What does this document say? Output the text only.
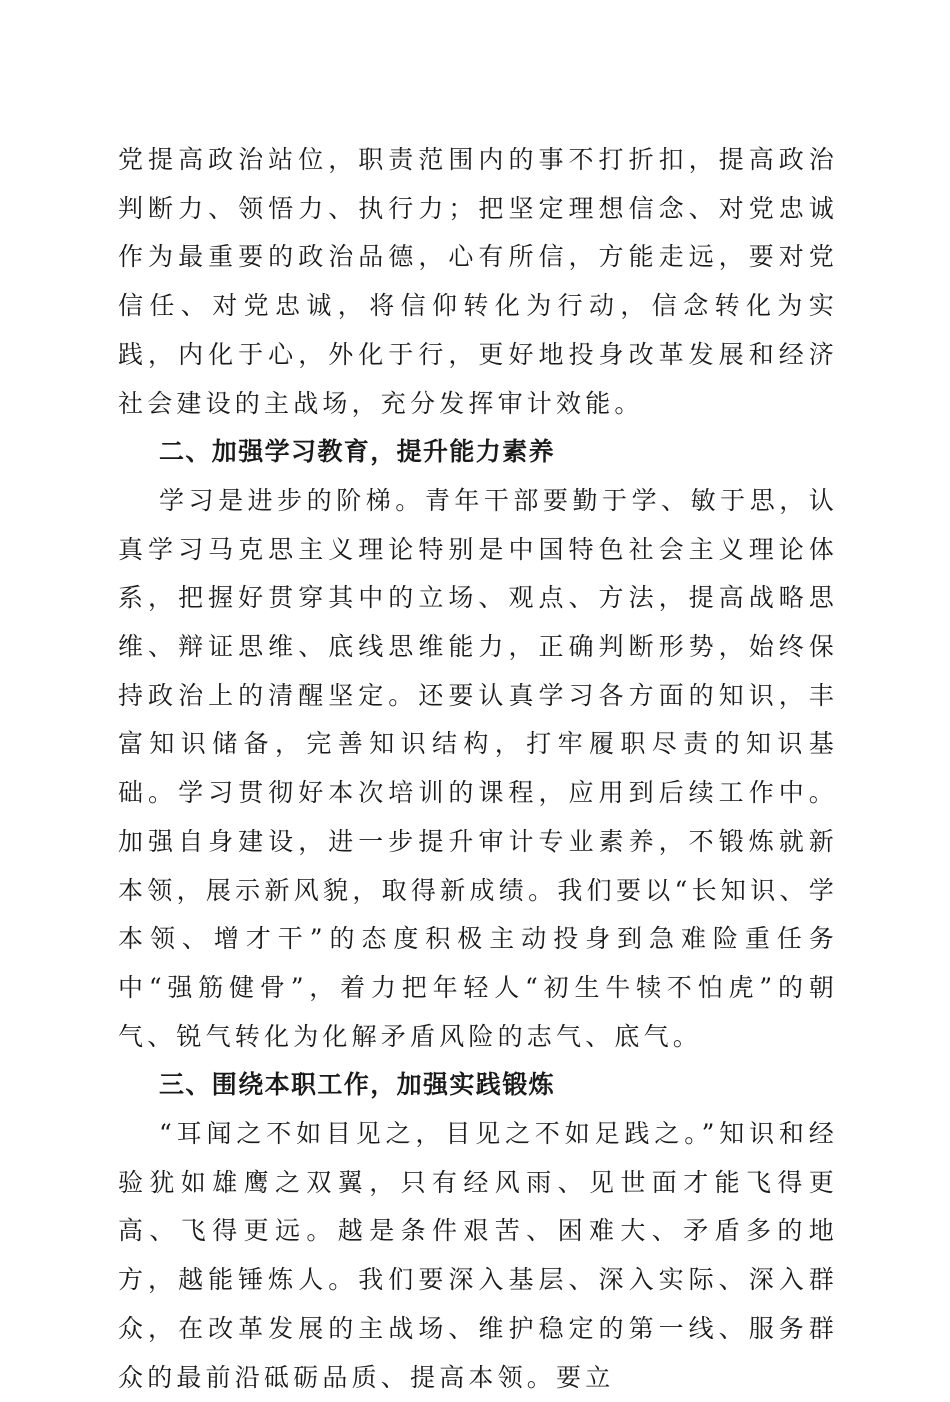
党提高政治站位，职责范围内的事不打折扣，提高政治判断力、领悟力、执行力；把坚定理想信念、对党忠诚作为最重要的政治品德，心有所信，方能走远，要对党信任、对党忠诚，将信仰转化为行动，信念转化为实践，内化于心，外化于行，更好地投身改革发展和经济社会建设的主战场，充分发挥审计效能。

二、加强学习教育，提升能力素养

学习是进步的阶梯。青年干部要勤于学、敏于思，认真学习马克思主义理论特别是中国特色社会主义理论体系，把握好贯穿其中的立场、观点、方法，提高战略思维、辩证思维、底线思维能力，正确判断形势，始终保持政治上的清醒坚定。还要认真学习各方面的知识，丰富知识储备，完善知识结构，打牢履职尽责的知识基础。学习贯彻好本次培训的课程，应用到后续工作中。加强自身建设，进一步提升审计专业素养，不锻炼就新本领，展示新风貌，取得新成绩。我们要以“长知识、学本领、增才干”的态度积极主动投身到急难险重任务中“强筋健骨”，着力把年轻人“初生牛犊不怕虎”的朝气、锐气转化为化解矛盾风险的志气、底气。

三、围绕本职工作，加强实践锻炼

“耳闻之不如目见之，目见之不如足践之。”知识和经验犹如雄鹰之双翼，只有经风雨、见世面才能飞得更高、飞得更远。越是条件艰苦、困难大、矛盾多的地方，越能锤炼人。我们要深入基层、深入实际、深入群众，在改革发展的主战场、维护稳定的第一线、服务群众的最前沿砥砺品质、提高本领。要立
